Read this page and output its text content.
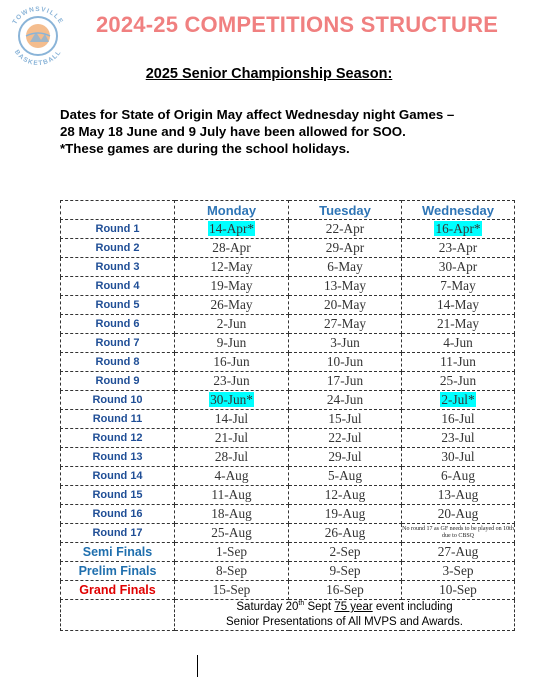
TOWNSVILLE
BASKETBALL
2024-25 COMPETITIONS STRUCTURE
2025 Senior Championship Season:
Dates for State of Origin May affect Wednesday night Games –
28 May 18 June and 9 July have been allowed for SOO.
*These games are during the school holidays.
	Monday	Tuesday	Wednesday
Round 1	14-Apr*	22-Apr	16-Apr*
Round 2	28-Apr	29-Apr	23-Apr
Round 3	12-May	6-May	30-Apr
Round 4	19-May	13-May	7-May
Round 5	26-May	20-May	14-May
Round 6	2-Jun	27-May	21-May
Round 7	9-Jun	3-Jun	4-Jun
Round 8	16-Jun	10-Jun	11-Jun
Round 9	23-Jun	17-Jun	25-Jun
Round 10	30-Jun*	24-Jun	2-Jul*
Round 11	14-Jul	15-Jul	16-Jul
Round 12	21-Jul	22-Jul	23-Jul
Round 13	28-Jul	29-Jul	30-Jul
Round 14	4-Aug	5-Aug	6-Aug
Round 15	11-Aug	12-Aug	13-Aug
Round 16	18-Aug	19-Aug	20-Aug
Round 17	25-Aug	26-Aug	No round 17 as GF needs to be played on 10th due to CBSQ

Semi Finals	1-Sep	2-Sep	27-Aug
Prelim Finals	8-Sep	9-Sep	3-Sep
Grand Finals	15-Sep	16-Sep	10-Sep

	Saturday 20th Sept 75 year event including
Senior Presentations of All MVPS and Awards.		
